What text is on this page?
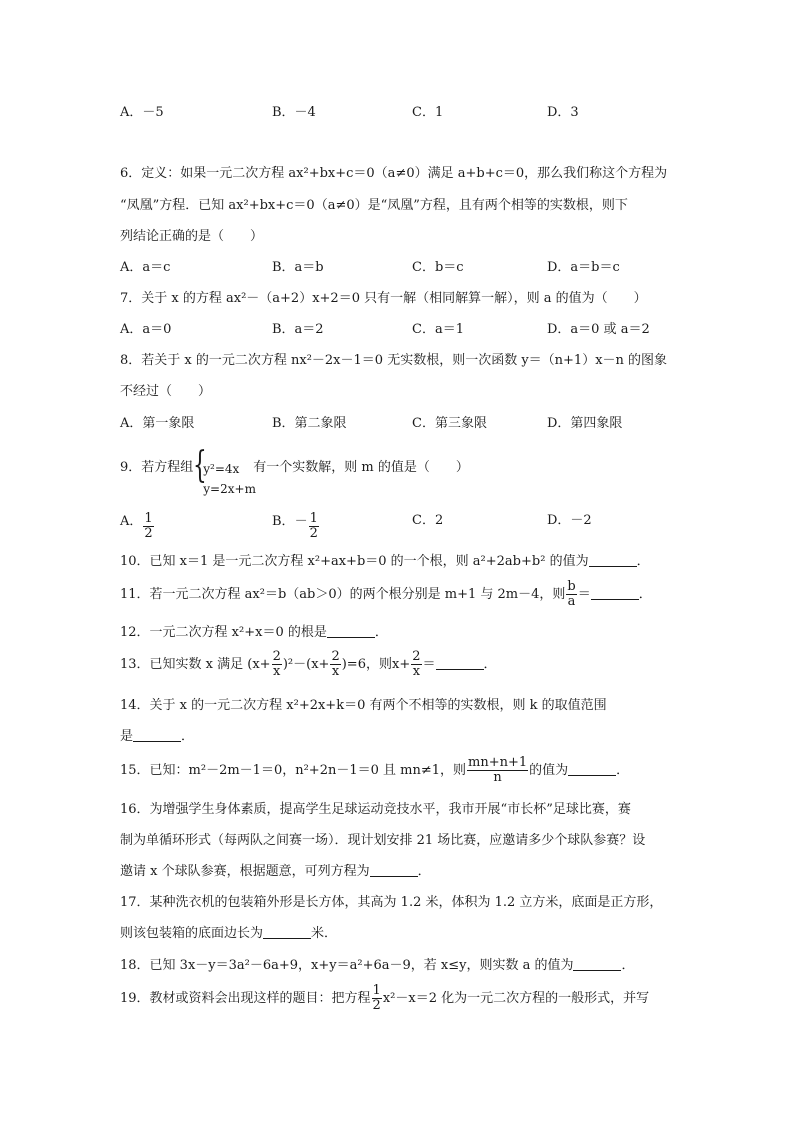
A．－5	B．－4	C．1	D．3
6．定义：如果一元二次方程 ax²+bx+c＝0（a≠0）满足 a+b+c＝0，那么我们称这个方程为
“凤凰”方程．已知 ax²+bx+c＝0（a≠0）是“凤凰”方程，且有两个相等的实数根，则下
列结论正确的是（　　）
A．a＝c	B．a＝b	C．b＝c	D．a＝b＝c
7．关于 x 的方程 ax²－（a+2）x+2＝0 只有一解（相同解算一解），则 a 的值为（　　）
A．a＝0	B．a＝2	C．a＝1	D．a＝0 或 a＝2
8．若关于 x 的一元二次方程 nx²－2x－1＝0 无实数根，则一次函数 y＝（n+1）x－n 的图象
不经过（　　）
A．第一象限	B．第二象限	C．第三象限	D．第四象限
9．若方程组 {
y²=4x
y=2x+m
有一个实数解，则 m 的值是（　　）
A． $\frac{1}{2}$	B．－ $\frac{1}{2}$	C．2	D．－2
10．已知 x＝1 是一元二次方程 x²+ax+b＝0 的一个根，则 a²+2ab+b² 的值为	．
11．若一元二次方程 ax²＝b（ab＞0）的两个根分别是 m+1 与 2m－4，则 $\frac{b}{a}$ ＝	．
12．一元二次方程 x²+x＝0 的根是	．
13．已知实数 x 满足 $(x+ \frac{2}{x} )^2-(x+ \frac{2}{x} )=6$，则$x+ \frac{2}{x}$ ＝	．
14．关于 x 的一元二次方程 x²+2x+k＝0 有两个不相等的实数根，则 k 的取值范围
是	．
15．已知：m²－2m－1＝0，n²+2n－1＝0 且 mn≠1，则 $\frac{mn+n+1}{n}$ 的值为	．
16．为增强学生身体素质，提高学生足球运动竞技水平，我市开展“市长杯”足球比赛，赛
制为单循环形式（每两队之间赛一场）．现计划安排 21 场比赛，应邀请多少个球队参赛？设
邀请 x 个球队参赛，根据题意，可列方程为	．
17．某种洗衣机的包装箱外形是长方体，其高为 1.2 米，体积为 1.2 立方米，底面是正方形，
则该包装箱的底面边长为	米．
18．已知 3x－y＝3a²－6a+9，x+y＝a²+6a－9，若 x≤y，则实数 a 的值为	．
19．教材或资料会出现这样的题目：把方程 $\frac{1}{2} x^2-x=2$ 化为一元二次方程的一般形式，并写
